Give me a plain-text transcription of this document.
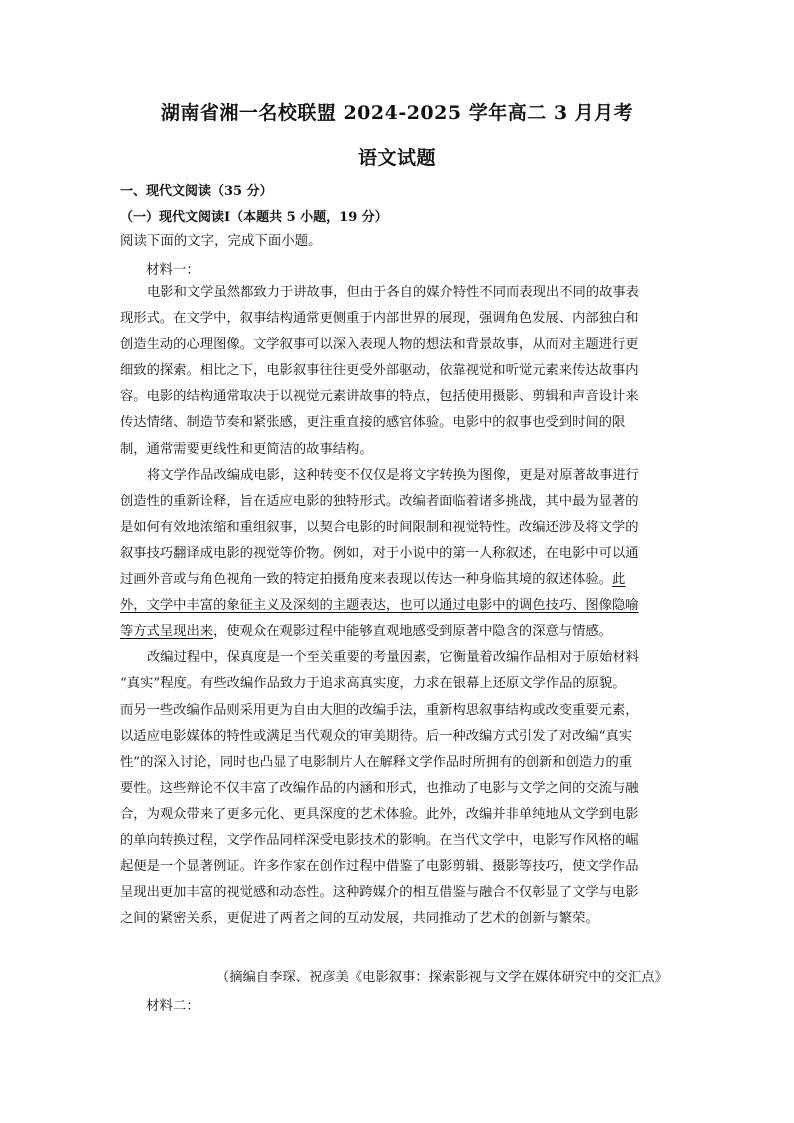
湖南省湘一名校联盟 2024-2025 学年高二 3 月月考
语文试题
一、现代文阅读（35 分）
（一）现代文阅读Ⅰ（本题共 5 小题，19 分）
阅读下面的文字，完成下面小题。
材料一：
电影和文学虽然都致力于讲故事，但由于各自的媒介特性不同而表现出不同的故事表
现形式。在文学中，叙事结构通常更侧重于内部世界的展现，强调角色发展、内部独白和
创造生动的心理图像。文学叙事可以深入表现人物的想法和背景故事，从而对主题进行更
细致的探索。相比之下，电影叙事往往更受外部驱动，依靠视觉和听觉元素来传达故事内
容。电影的结构通常取决于以视觉元素讲故事的特点，包括使用摄影、剪辑和声音设计来
传达情绪、制造节奏和紧张感，更注重直接的感官体验。电影中的叙事也受到时间的限
制，通常需要更线性和更简洁的故事结构。
将文学作品改编成电影，这种转变不仅仅是将文字转换为图像，更是对原著故事进行
创造性的重新诠释，旨在适应电影的独特形式。改编者面临着诸多挑战，其中最为显著的
是如何有效地浓缩和重组叙事，以契合电影的时间限制和视觉特性。改编还涉及将文学的
叙事技巧翻译成电影的视觉等价物。例如，对于小说中的第一人称叙述，在电影中可以通
过画外音或与角色视角一致的特定拍摄角度来表现以传达一种身临其境的叙述体验。此
外，文学中丰富的象征主义及深刻的主题表达，也可以通过电影中的调色技巧、图像隐喻
等方式呈现出来，使观众在观影过程中能够直观地感受到原著中隐含的深意与情感。
改编过程中，保真度是一个至关重要的考量因素，它衡量着改编作品相对于原始材料
“真实”程度。有些改编作品致力于追求高真实度，力求在银幕上还原文学作品的原貌。
而另一些改编作品则采用更为自由大胆的改编手法，重新构思叙事结构或改变重要元素，
以适应电影媒体的特性或满足当代观众的审美期待。后一种改编方式引发了对改编“真实
性”的深入讨论，同时也凸显了电影制片人在解释文学作品时所拥有的创新和创造力的重
要性。这些辩论不仅丰富了改编作品的内涵和形式，也推动了电影与文学之间的交流与融
合，为观众带来了更多元化、更具深度的艺术体验。此外，改编并非单纯地从文学到电影
的单向转换过程，文学作品同样深受电影技术的影响。在当代文学中，电影写作风格的崛
起便是一个显著例证。许多作家在创作过程中借鉴了电影剪辑、摄影等技巧，使文学作品
呈现出更加丰富的视觉感和动态性。这种跨媒介的相互借鉴与融合不仅彰显了文学与电影
之间的紧密关系，更促进了两者之间的互动发展，共同推动了艺术的创新与繁荣。
（摘编自李琛、祝彦美《电影叙事：探索影视与文学在媒体研究中的交汇点》
材料二：
